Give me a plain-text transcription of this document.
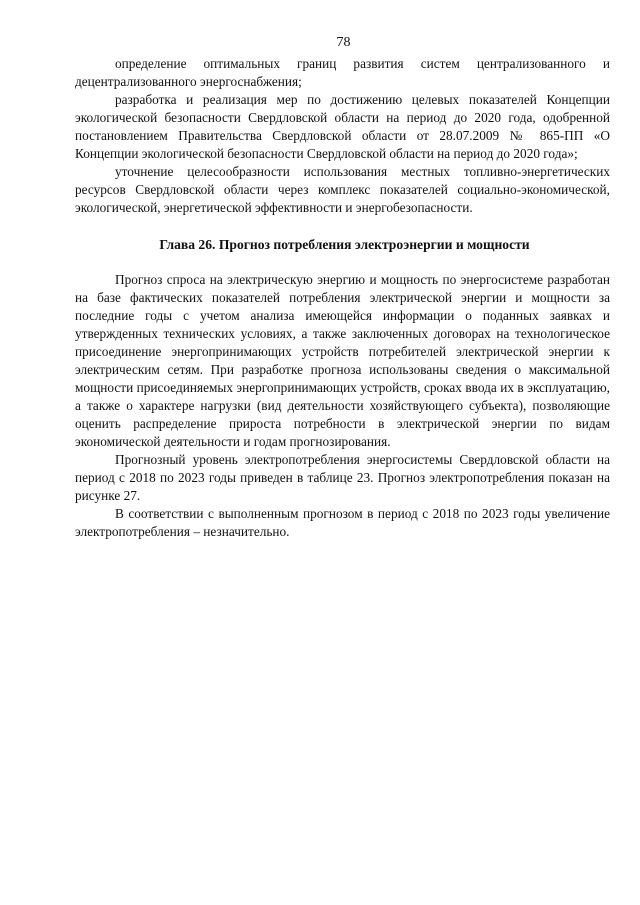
78

определение оптимальных границ развития систем централизованного и децентрализованного энергоснабжения;

разработка и реализация мер по достижению целевых показателей Концепции экологической безопасности Свердловской области на период до 2020 года, одобренной постановлением Правительства Свердловской области от 28.07.2009 № 865-ПП «О Концепции экологической безопасности Свердловской области на период до 2020 года»;

уточнение целесообразности использования местных топливно-энергетических ресурсов Свердловской области через комплекс показателей социально-экономической, экологической, энергетической эффективности и энергобезопасности.

Глава 26. Прогноз потребления электроэнергии и мощности

Прогноз спроса на электрическую энергию и мощность по энергосистеме разработан на базе фактических показателей потребления электрической энергии и мощности за последние годы с учетом анализа имеющейся информации о поданных заявках и утвержденных технических условиях, а также заключенных договорах на технологическое присоединение энергопринимающих устройств потребителей электрической энергии к электрическим сетям. При разработке прогноза использованы сведения о максимальной мощности присоединяемых энергопринимающих устройств, сроках ввода их в эксплуатацию, а также о характере нагрузки (вид деятельности хозяйствующего субъекта), позволяющие оценить распределение прироста потребности в электрической энергии по видам экономической деятельности и годам прогнозирования.

Прогнозный уровень электропотребления энергосистемы Свердловской области на период с 2018 по 2023 годы приведен в таблице 23. Прогноз электропотребления показан на рисунке 27.

В соответствии с выполненным прогнозом в период с 2018 по 2023 годы увеличение электропотребления – незначительно.
